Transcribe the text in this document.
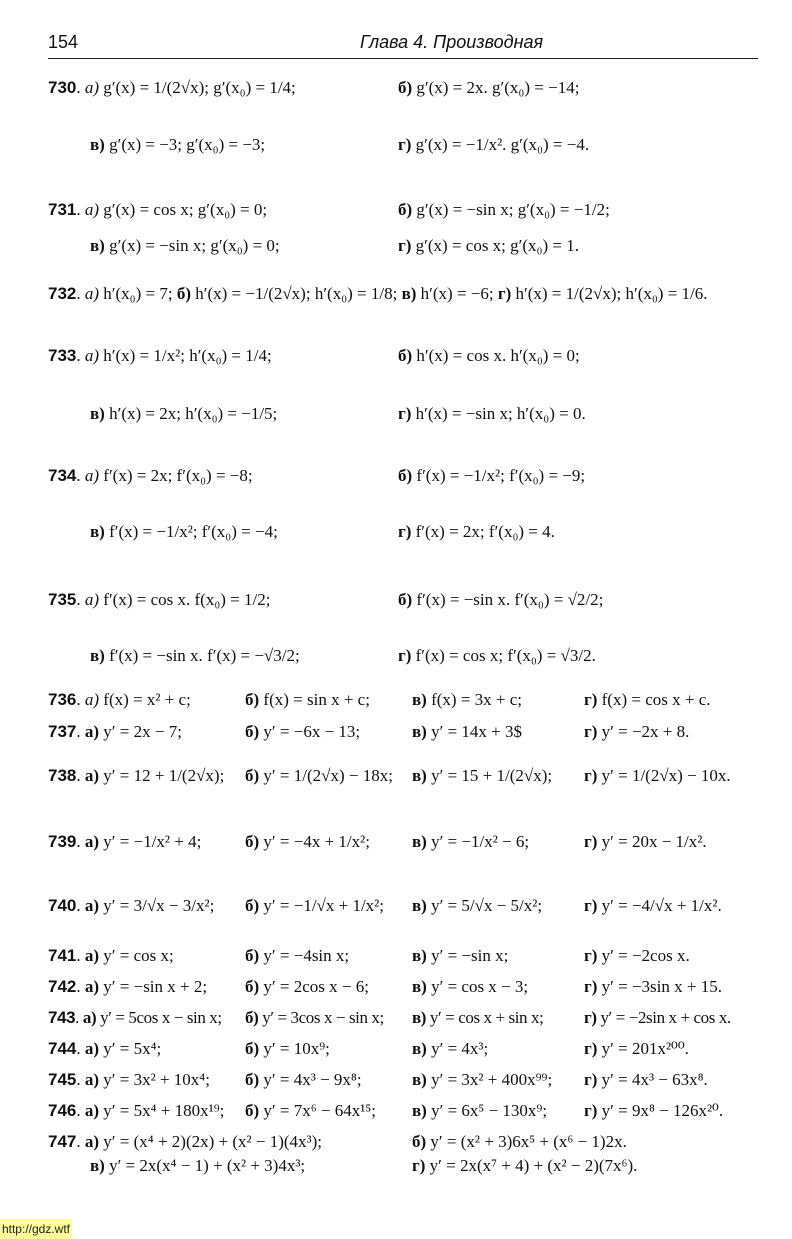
154	Глава 4. Производная
730. а) g′(x) = 1/(2√x); g′(x₀) = 1/4;	б) g′(x) = 2x. g′(x₀) = −14;
в) g′(x) = −3; g′(x₀) = −3;	г) g′(x) = −1/x². g′(x₀) = −4.
731. а) g′(x) = cos x; g′(x₀) = 0;	б) g′(x) = −sin x; g′(x₀) = −1/2;
в) g′(x) = −sin x; g′(x₀) = 0;	г) g′(x) = cos x; g′(x₀) = 1.
732. а) h′(x₀) = 7; б) h′(x) = −1/(2√x); h′(x₀) = 1/8; в) h′(x) = −6; г) h′(x) = 1/(2√x); h′(x₀) = 1/6.
733. а) h′(x) = 1/x²; h′(x₀) = 1/4;	б) h′(x) = cos x. h′(x₀) = 0;
в) h′(x) = 2x; h′(x₀) = −1/5;	г) h′(x) = −sin x; h′(x₀) = 0.
734. а) f′(x) = 2x; f′(x₀) = −8;	б) f′(x) = −1/x²; f′(x₀) = −9;
в) f′(x) = −1/x²; f′(x₀) = −4;	г) f′(x) = 2x; f′(x₀) = 4.
735. а) f′(x) = cos x. f(x₀) = 1/2;	б) f′(x) = −sin x. f′(x₀) = √2/2;
в) f′(x) = −sin x. f′(x) = −√3/2;	г) f′(x) = cos x; f′(x₀) = √3/2.
736. а) f(x) = x² + c;	б) f(x) = sin x + c; в) f(x) = 3x + c;	г) f(x) = cos x + c.
737. а) y′ = 2x − 7;	б) y′ = −6x − 13;	в) y′ = 14x + 3$	г) y′ = −2x + 8.
738. а) y′ = 12 + 1/(2√x); б) y′ = 1/(2√x) − 18x; в) y′ = 15 + 1/(2√x); г) y′ = 1/(2√x) − 10x.
739. а) y′ = −1/x² + 4;	б) y′ = −4x + 1/x²; в) y′ = −1/x² − 6;	г) y′ = 20x − 1/x².
740. а) y′ = 3/√x − 3/x²; б) y′ = −1/√x + 1/x²; в) y′ = 5/√x − 5/x²; г) y′ = −4/√x + 1/x².
741. а) y′ = cos x;	б) y′ = −4sin x;	в) y′ = −sin x;	г) y′ = −2cos x.
742. а) y′ = −sin x + 2; б) y′ = 2cos x − 6;	в) y′ = cos x − 3;	г) y′ = −3sin x + 15.
743. а) y′ = 5cos x − sin x; б) y′ = 3cos x − sin x; в) y′ = cos x + sin x; г) y′ = −2sin x + cos x.
744. а) y′ = 5x⁴;	б) y′ = 10x⁹;	в) y′ = 4x³;	г) y′ = 201x²⁰⁰.
745. а) y′ = 3x² + 10x⁴; б) y′ = 4x³ − 9x⁸;	в) y′ = 3x² + 400x⁹⁹; г) y′ = 4x³ − 63x⁸.
746. а) y′ = 5x⁴ + 180x¹⁹; б) y′ = 7x⁶ − 64x¹⁵; в) y′ = 6x⁵ − 130x⁹; г) y′ = 9x⁸ − 126x²⁰.
747. а) y′ = (x⁴ + 2)(2x) + (x² − 1)(4x³);	б) y′ = (x² + 3)6x⁵ + (x⁶ − 1)2x.
в) y′ = 2x(x⁴ − 1) + (x² + 3)4x³;	г) y′ = 2x(x⁷ + 4) + (x² − 2)(7x⁶).
http://gdz.wtf
